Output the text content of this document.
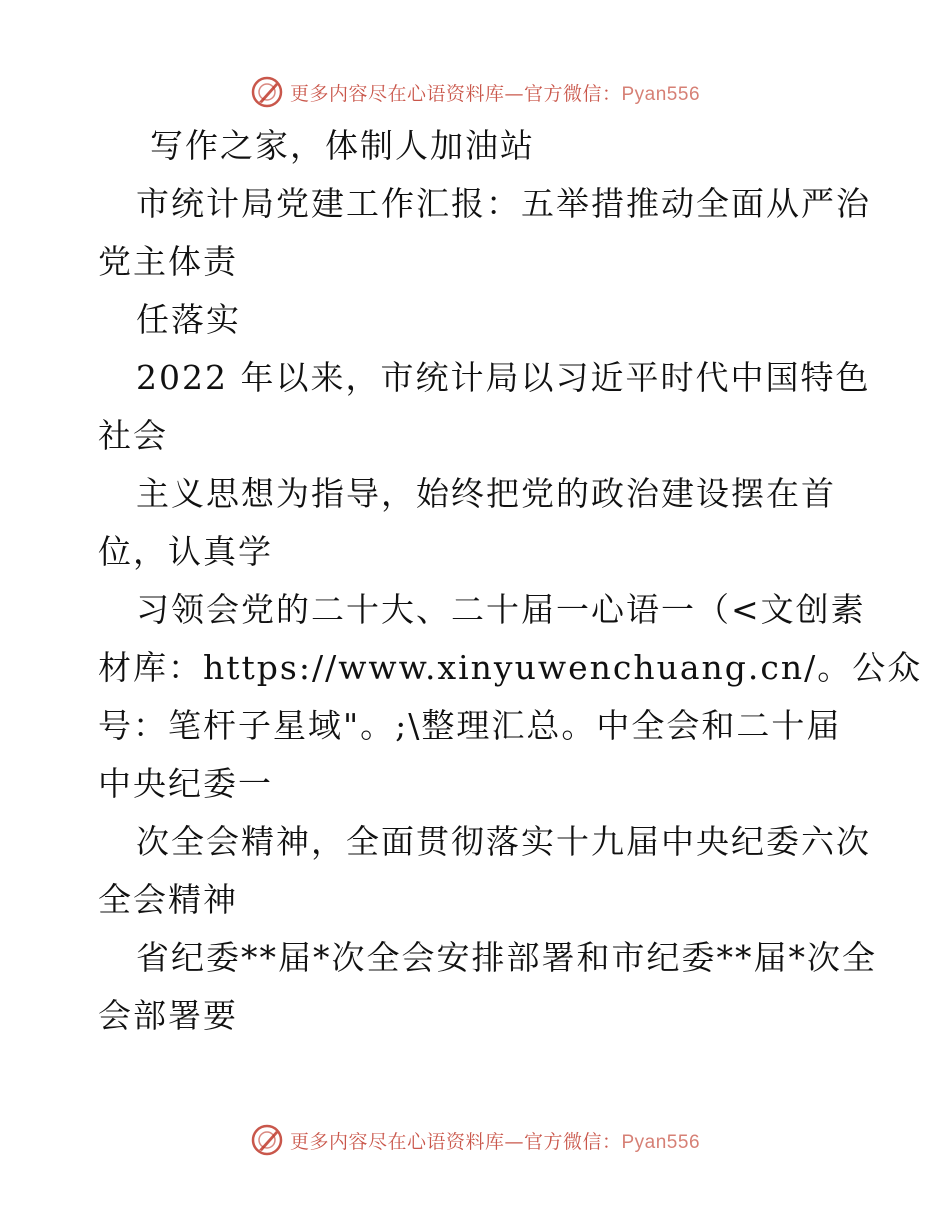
更多内容尽在心语资料库—官方微信：Pyan556
写作之家，体制人加油站
市统计局党建工作汇报：五举措推动全面从严治
党主体责
任落实
2022 年以来，市统计局以习近平时代中国特色
社会
主义思想为指导，始终把党的政治建设摆在首
位，认真学
习领会党的二十大、二十届一心语一（<文创素
材库：https://www.xinyuwenchuang.cn/。公众
号：笔杆子星域"。;\整理汇总。中全会和二十届
中央纪委一
次全会精神，全面贯彻落实十九届中央纪委六次
全会精神
省纪委**届*次全会安排部署和市纪委**届*次全
会部署要
更多内容尽在心语资料库—官方微信：Pyan556
